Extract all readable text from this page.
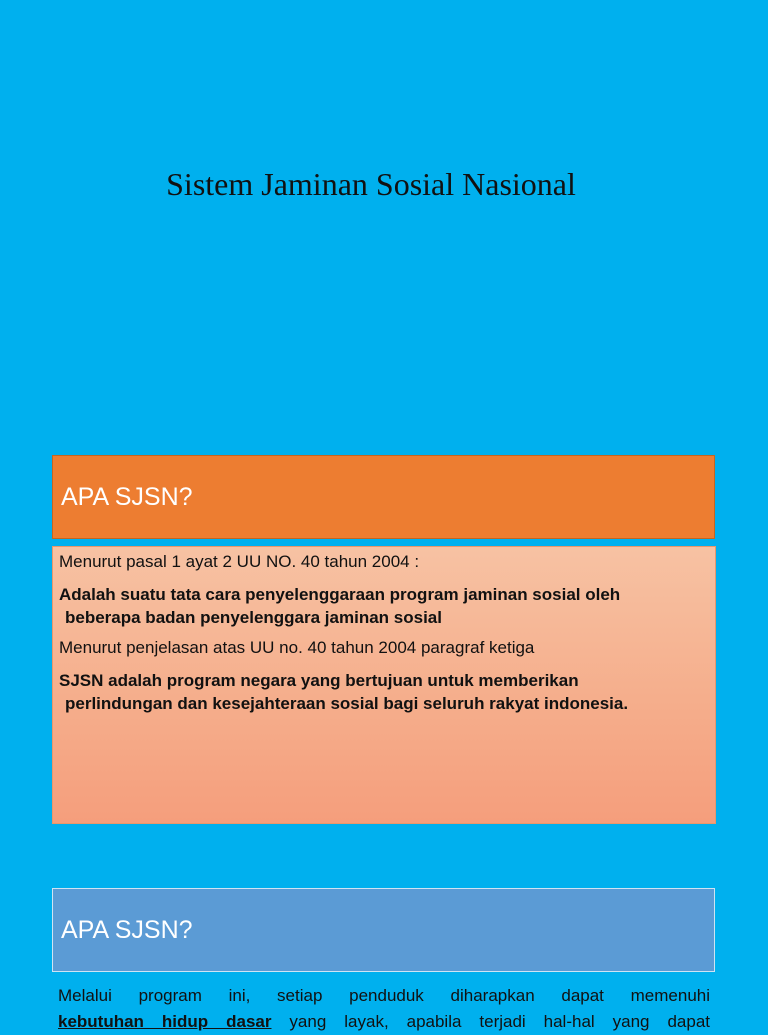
Sistem Jaminan Sosial Nasional
APA SJSN?

Menurut pasal 1 ayat 2 UU NO. 40 tahun 2004 :

Adalah suatu tata cara penyelenggaraan program jaminan sosial oleh
beberapa badan penyelenggara jaminan sosial

Menurut penjelasan atas UU no. 40 tahun 2004 paragraf ketiga

SJSN adalah program negara yang bertujuan untuk memberikan
perlindungan dan kesejahteraan sosial bagi seluruh rakyat indonesia.

APA SJSN?
Melalui program ini, setiap penduduk diharapkan dapat memenuhi
kebutuhan hidup dasar yang layak, apabila terjadi hal-hal yang dapat
